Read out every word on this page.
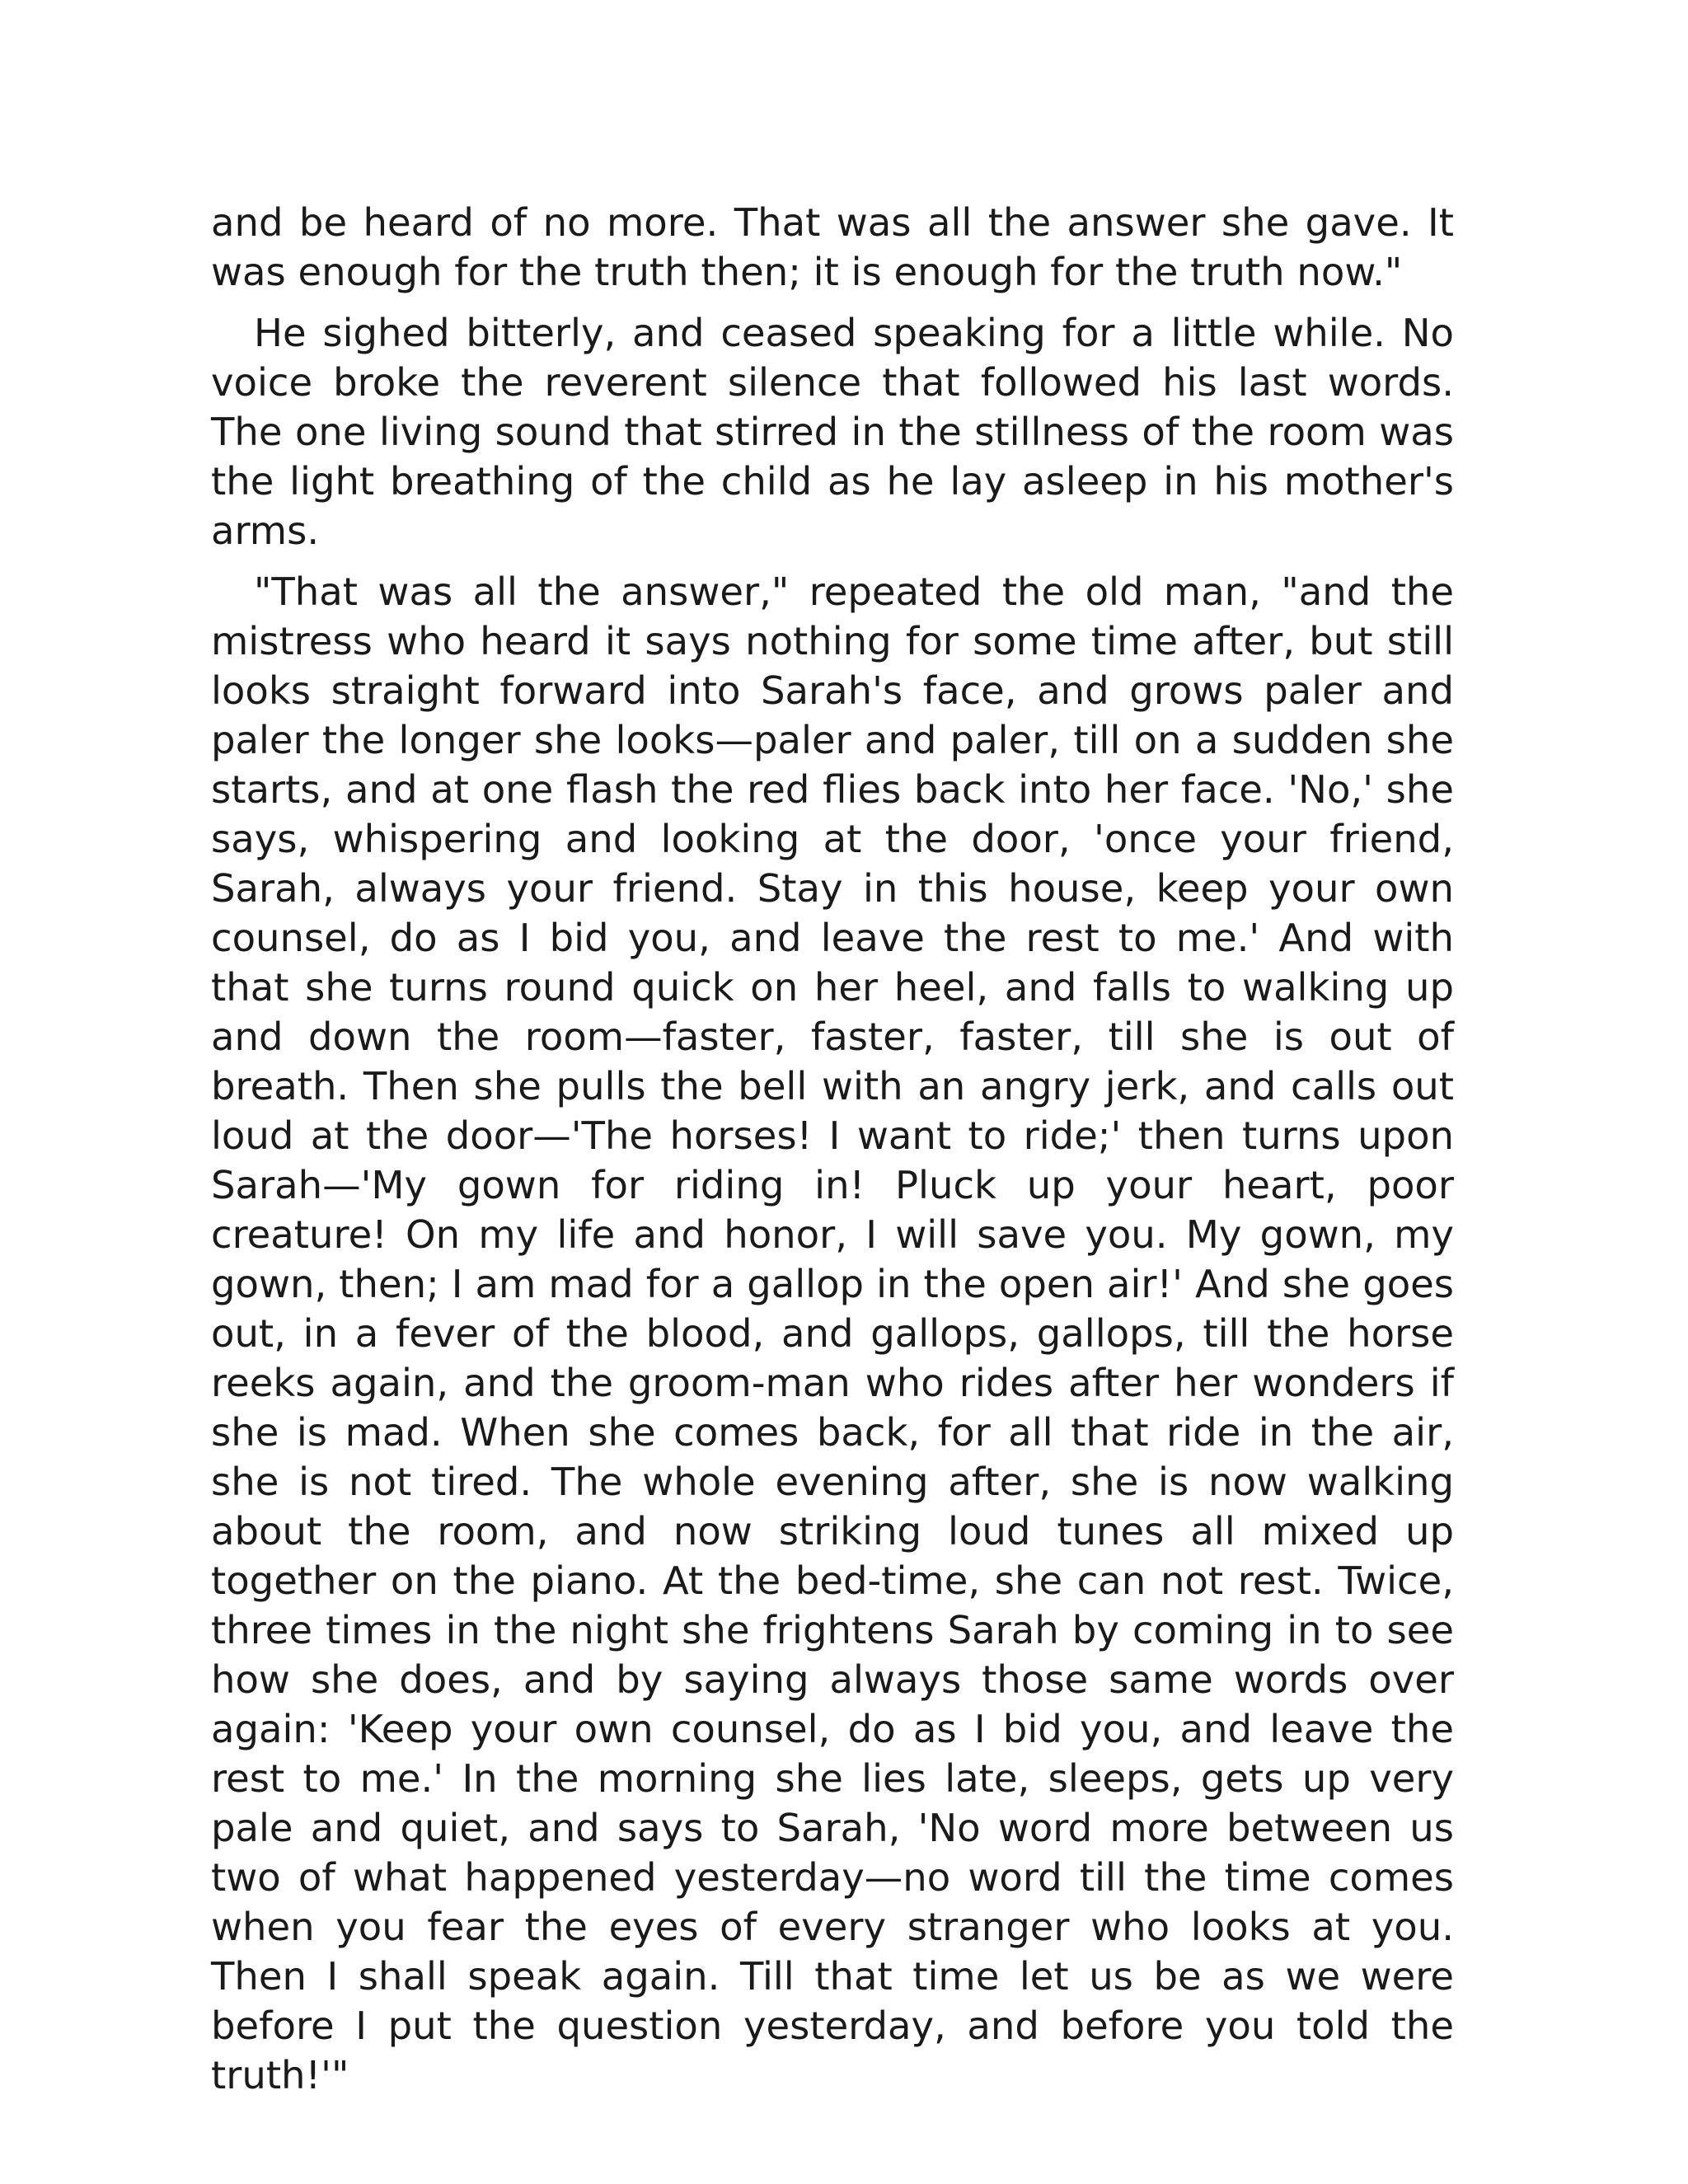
and be heard of no more. That was all the answer she gave. It was enough for the truth then; it is enough for the truth now."

He sighed bitterly, and ceased speaking for a little while. No voice broke the reverent silence that followed his last words. The one living sound that stirred in the stillness of the room was the light breathing of the child as he lay asleep in his mother's arms.

"That was all the answer," repeated the old man, "and the mistress who heard it says nothing for some time after, but still looks straight forward into Sarah's face, and grows paler and paler the longer she looks—paler and paler, till on a sudden she starts, and at one flash the red flies back into her face. 'No,' she says, whispering and looking at the door, 'once your friend, Sarah, always your friend. Stay in this house, keep your own counsel, do as I bid you, and leave the rest to me.' And with that she turns round quick on her heel, and falls to walking up and down the room—faster, faster, faster, till she is out of breath. Then she pulls the bell with an angry jerk, and calls out loud at the door—'The horses! I want to ride;' then turns upon Sarah—'My gown for riding in! Pluck up your heart, poor creature! On my life and honor, I will save you. My gown, my gown, then; I am mad for a gallop in the open air!' And she goes out, in a fever of the blood, and gallops, gallops, till the horse reeks again, and the groom-man who rides after her wonders if she is mad. When she comes back, for all that ride in the air, she is not tired. The whole evening after, she is now walking about the room, and now striking loud tunes all mixed up together on the piano. At the bed-time, she can not rest. Twice, three times in the night she frightens Sarah by coming in to see how she does, and by saying always those same words over again: 'Keep your own counsel, do as I bid you, and leave the rest to me.' In the morning she lies late, sleeps, gets up very pale and quiet, and says to Sarah, 'No word more between us two of what happened yesterday—no word till the time comes when you fear the eyes of every stranger who looks at you. Then I shall speak again. Till that time let us be as we were before I put the question yesterday, and before you told the truth!'"
